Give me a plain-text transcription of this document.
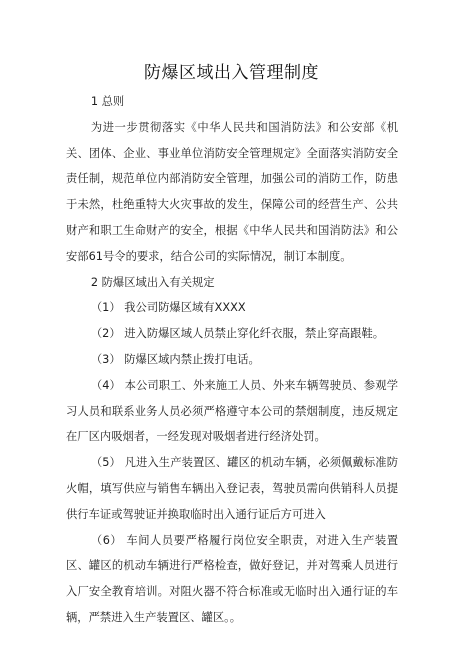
防爆区域出入管理制度

1 总则

为进一步贯彻落实《中华人民共和国消防法》和公安部《机关、团体、企业、事业单位消防安全管理规定》全面落实消防安全责任制，规范单位内部消防安全管理，加强公司的消防工作，防患于未然，杜绝重特大火灾事故的发生，保障公司的经营生产、公共财产和职工生命财产的安全，根据《中华人民共和国消防法》和公安部61号令的要求，结合公司的实际情况，制订本制度。

2 防爆区域出入有关规定

（1） 我公司防爆区域有XXXX

（2） 进入防爆区域人员禁止穿化纤衣服，禁止穿高跟鞋。

（3） 防爆区域内禁止拨打电话。

（4） 本公司职工、外来施工人员、外来车辆驾驶员、参观学习人员和联系业务人员必须严格遵守本公司的禁烟制度，违反规定在厂区内吸烟者，一经发现对吸烟者进行经济处罚。

（5） 凡进入生产装置区、罐区的机动车辆，必须佩戴标准防火帽，填写供应与销售车辆出入登记表，驾驶员需向供销科人员提供行车证或驾驶证并换取临时出入通行证后方可进入

（6） 车间人员要严格履行岗位安全职责，对进入生产装置区、罐区的机动车辆进行严格检查，做好登记，并对驾乘人员进行入厂安全教育培训。对阻火器不符合标准或无临时出入通行证的车辆，严禁进入生产装置区、罐区。。
